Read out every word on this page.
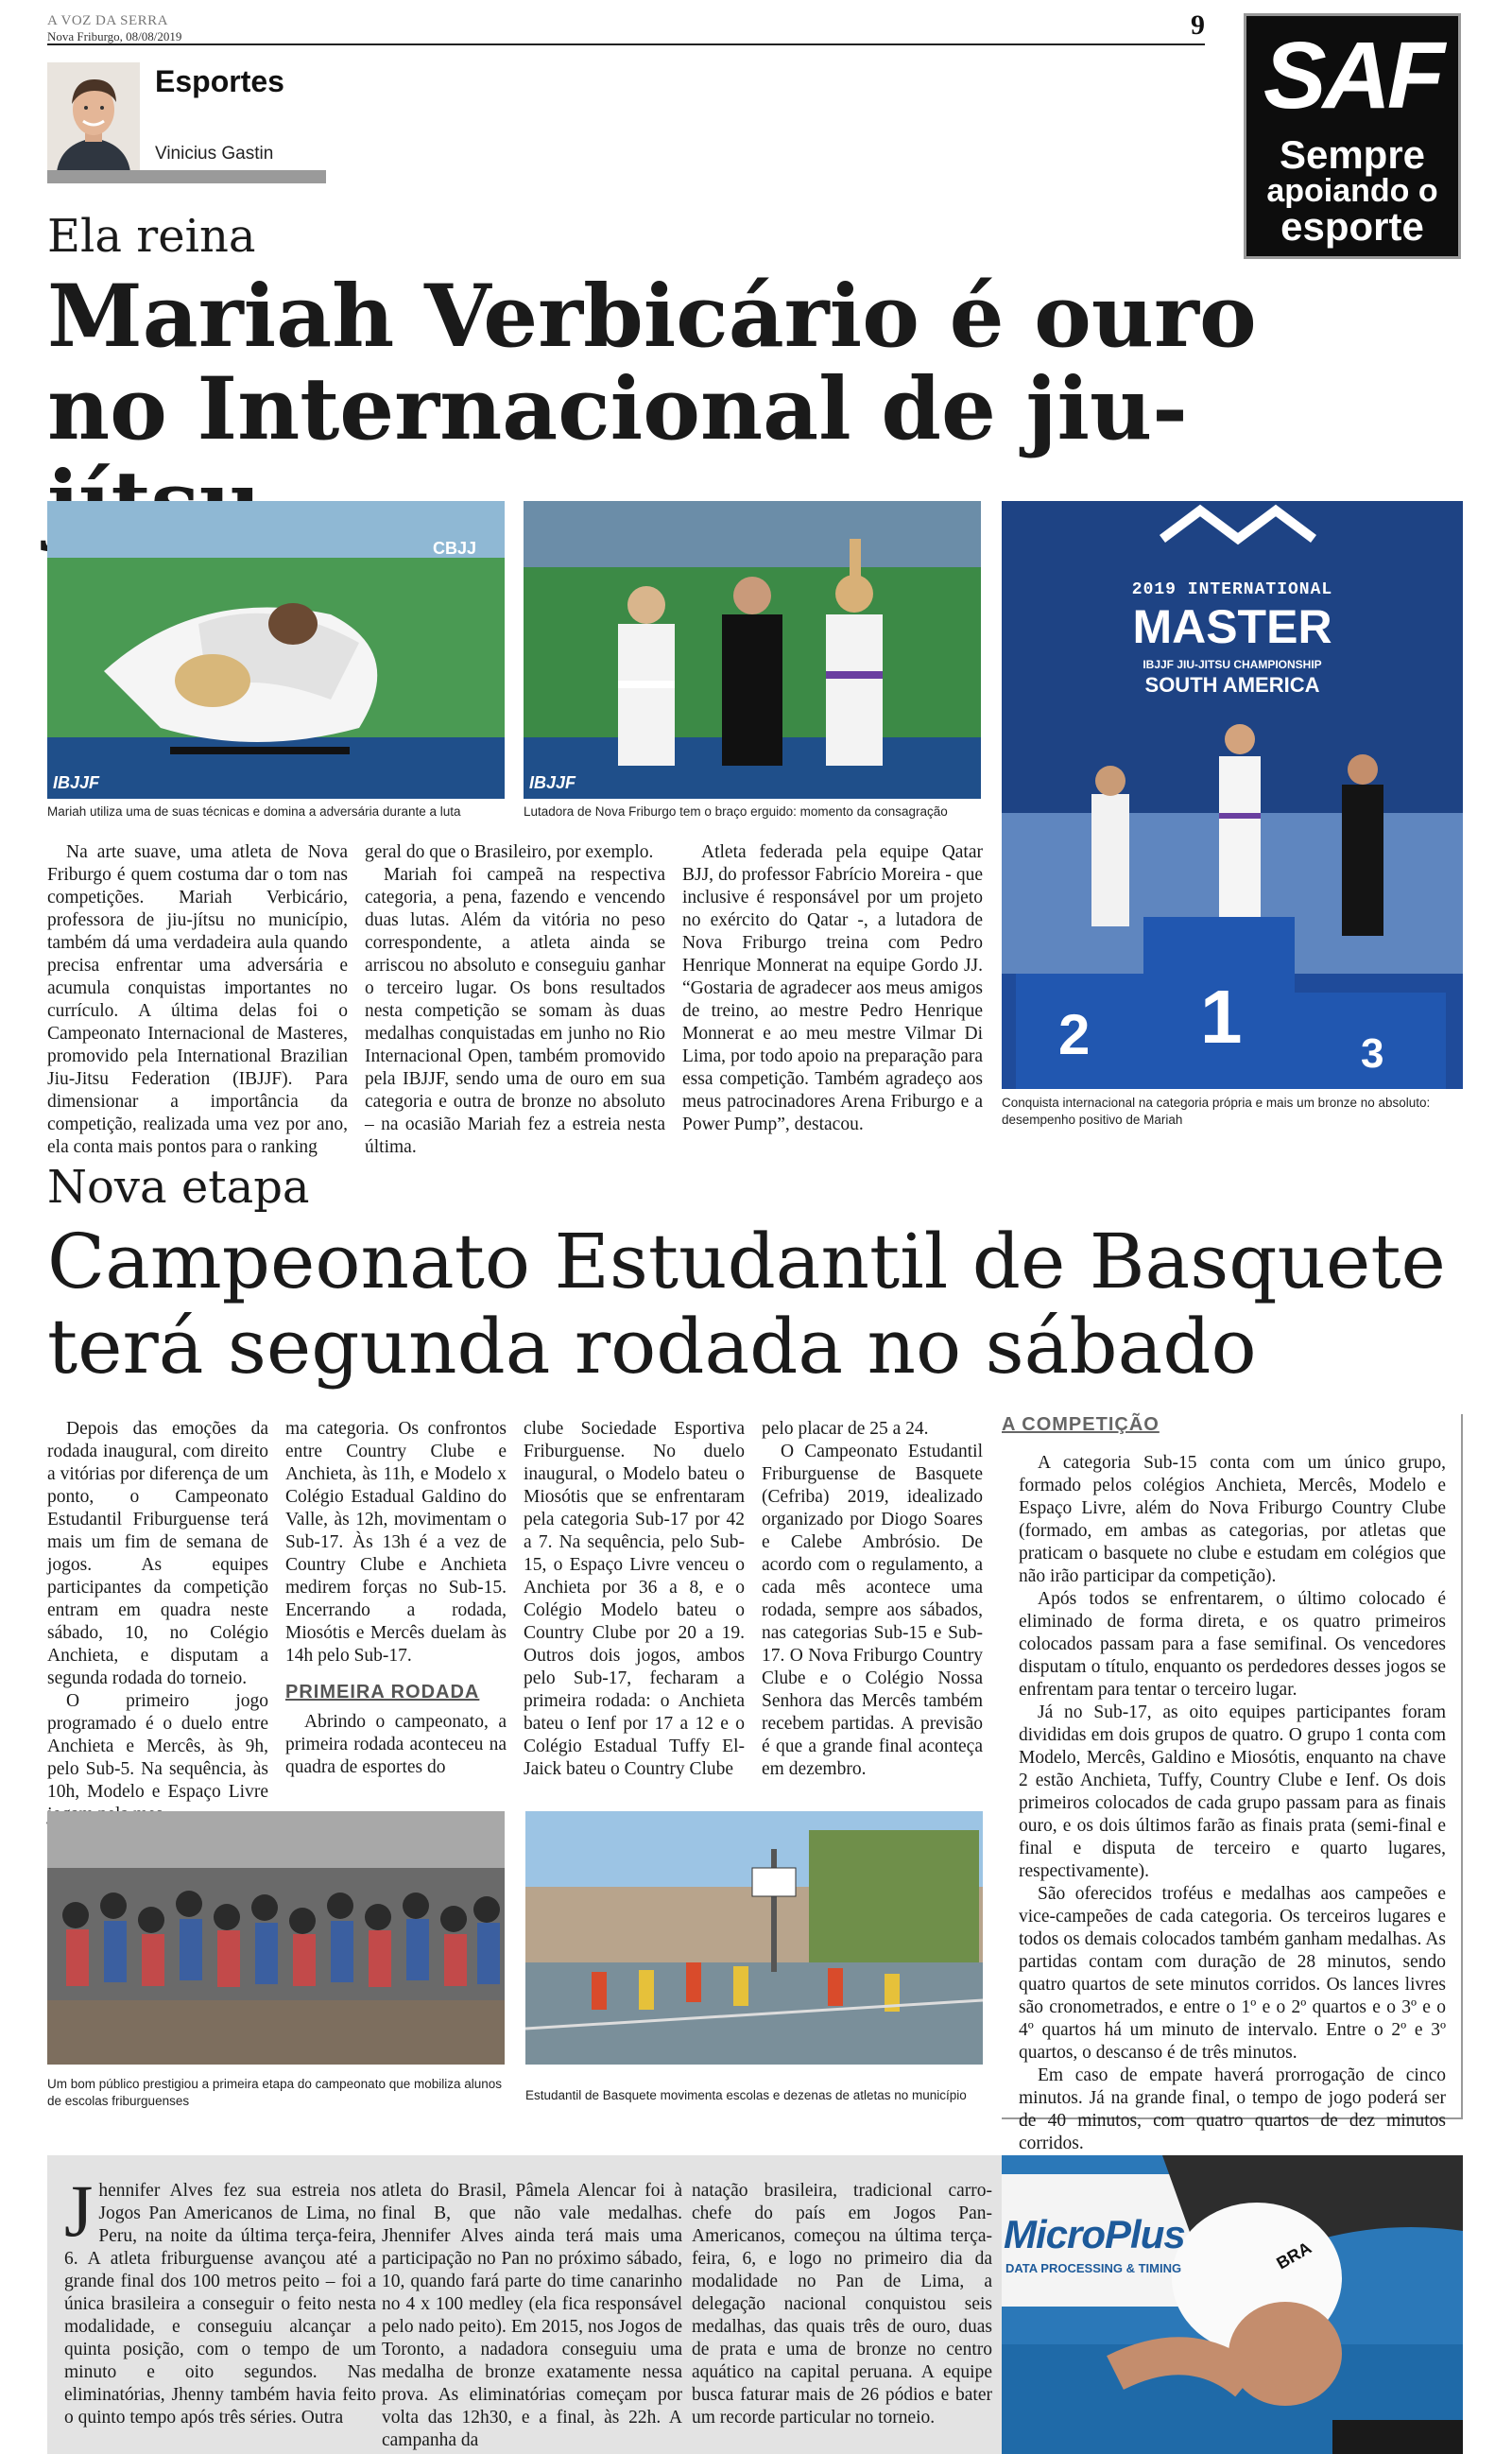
A VOZ DA SERRA
Nova Friburgo, 08/08/2019	9
Esportes
Vinicius Gastin
SAF
Sempre
apoiando o
esporte
Ela reina
Mariah Verbicário é ouro
no Internacional de jiu-
CBJJ
IBJJF
Mariah utiliza uma de suas técnicas e domina a adversária durante a luta
IBJJF
Lutadora de Nova Friburgo tem o braço erguido: momento da consagração
2019 INTERNATIONAL
MASTER
IBJJF JIU-JITSU CHAMPIONSHIP
SOUTH AMERICA
2 1	3
Conquista internacional na categoria própria e mais um bronze no absoluto: desempenho positivo de Mariah

Na arte suave, uma atleta de Nova Friburgo é quem costuma dar o tom nas competições. Mariah Verbicário, professora de jiu-jítsu no município, também dá uma verdadeira aula quando precisa enfrentar uma adversária e acumula conquistas importantes no currículo. A última delas foi o Campeonato Internacional de Masteres, promovido pela International Brazilian Jiu-Jitsu Federation (IBJJF). Para dimensionar a importância da competição, realizada uma vez por ano, ela conta mais pontos para o ranking

geral do que o Brasileiro, por exemplo.

Mariah foi campeã na respectiva categoria, a pena, fazendo e vencendo duas lutas. Além da vitória no peso correspondente, a atleta ainda se arriscou no absoluto e conseguiu ganhar o terceiro lugar. Os bons resultados nesta competição se somam às duas medalhas conquistadas em junho no Rio Internacional Open, também promovido pela IBJJF, sendo uma de ouro em sua categoria e outra de bronze no absoluto – na ocasião Mariah fez a estreia nesta última.

Atleta federada pela equipe Qatar BJJ, do professor Fabrício Moreira - que inclusive é responsável por um projeto no exército do Qatar -, a lutadora de Nova Friburgo treina com Pedro Henrique Monnerat na equipe Gordo JJ. “Gostaria de agradecer aos meus amigos de treino, ao mestre Pedro Henrique Monnerat e ao meu mestre Vilmar Di Lima, por todo apoio na preparação para essa competição. Também agradeço aos meus patrocinadores Arena Friburgo e a Power Pump”, destacou.

Nova etapa
Campeonato Estudantil de Basquete
terá segunda rodada no sábado

Depois das emoções da rodada inaugural, com direito a vitórias por diferença de um ponto, o Campeonato Estudantil Friburguense terá mais um fim de semana de jogos. As equipes participantes da competição entram em quadra neste sábado, 10, no Colégio Anchieta, e disputam a segunda rodada do torneio.

O primeiro jogo programado é o duelo entre Anchieta e Mercês, às 9h, pelo Sub-5. Na sequência, às 10h, Modelo e Espaço Livre

ma categoria. Os confrontos entre Country Clube e Anchieta, às 11h, e Modelo x Colégio Estadual Galdino do Valle, às 12h, movimentam o Sub-17. Às 13h é a vez de Country Clube e Anchieta medirem forças no Sub-15. Encerrando a rodada, Miosótis e Mercês duelam às 14h pelo Sub-17.

PRIMEIRA RODADA

Abrindo o campeonato, a primeira rodada aconteceu na quadra de esportes do

clube Sociedade Esportiva Friburguense. No duelo inaugural, o Modelo bateu o Miosótis que se enfrentaram pela categoria Sub-17 por 42 a 7. Na sequência, pelo Sub-15, o Espaço Livre venceu o Anchieta por 36 a 8, e o Colégio Modelo bateu o Country Clube por 20 a 19. Outros dois jogos, ambos pelo Sub-17, fecharam a primeira rodada: o Anchieta bateu o Ienf por 17 a 12 e o Colégio Estadual Tuffy El-Jaick bateu o Country Clube

pelo placar de 25 a 24.

O Campeonato Estudantil Friburguense de Basquete (Cefriba) 2019, idealizado organizado por Diogo Soares e Calebe Ambrósio. De acordo com o regulamento, a cada mês acontece uma rodada, sempre aos sábados, nas categorias Sub-15 e Sub-17. O Nova Friburgo Country Clube e o Colégio Nossa Senhora das Mercês também recebem partidas. A previsão é que a grande final aconteça em dezembro.

A COMPETIÇÃO

A categoria Sub-15 conta com um único grupo, formado pelos colégios Anchieta, Mercês, Modelo e Espaço Livre, além do Nova Friburgo Country Clube (formado, em ambas as categorias, por atletas que praticam o basquete no clube e estudam em colégios que não irão participar da competição).

Após todos se enfrentarem, o último colocado é eliminado de forma direta, e os quatro primeiros colocados passam para a fase semifinal. Os vencedores disputam o título, enquanto os perdedores desses jogos se enfrentam para tentar o terceiro lugar.

Já no Sub-17, as oito equipes participantes foram divididas em dois grupos de quatro. O grupo 1 conta com Modelo, Mercês, Galdino e Miosótis, enquanto na chave 2 estão Anchieta, Tuffy, Country Clube e Ienf. Os dois primeiros colocados de cada grupo passam para as finais ouro, e os dois últimos farão as finais prata (semi-final e final e disputa de terceiro e quarto lugares, respectivamente).

São oferecidos troféus e medalhas aos campeões e vice-campeões de cada categoria. Os terceiros lugares e todos os demais colocados também ganham medalhas. As partidas contam com duração de 28 minutos, sendo quatro quartos de sete minutos corridos. Os lances livres são cronometrados, e entre o 1º e o 2º quartos e o 3º e o 4º quartos há um minuto de intervalo. Entre o 2º e 3º quartos, o descanso é de três minutos.

Em caso de empate haverá prorrogação de cinco minutos. Já na grande final, o tempo de jogo poderá ser de 40 minutos, com quatro quartos de dez minutos corridos.

Um bom público prestigiou a primeira etapa do campeonato que mobiliza alunos de escolas friburguenses	Estudantil de Basquete movimenta escolas e dezenas de atletas no município
J hennifer Alves fez sua estreia nos Jogos Pan Americanos de Lima, no Peru, na noite da última terça-feira, 6. A atleta friburguense avançou até a grande final dos 100 metros peito – foi a única brasileira a conseguir o feito nesta modalidade, e conseguiu alcançar a quinta posição, com o tempo de um minuto e oito segundos. Nas eliminatórias, Jhenny também havia feito o quinto tempo após três séries. Outra
atleta do Brasil, Pâmela Alencar foi à final B, que não vale medalhas. Jhennifer Alves ainda terá mais uma participação no Pan no próximo sábado, 10, quando fará parte do time canarinho no 4 x 100 medley (ela fica responsável pelo nado peito). Em 2015, nos Jogos de Toronto, a nadadora conseguiu uma medalha de bronze exatamente nessa prova. As eliminatórias começam por volta das 12h30, e a final, às 22h. A campanha da
natação brasileira, tradicional carro-chefe do país em Jogos Pan-Americanos, começou na última terça-feira, 6, e logo no primeiro dia da modalidade no Pan de Lima, a delegação nacional conquistou seis medalhas, das quais três de ouro, duas de prata e uma de bronze no centro aquático na capital peruana. A equipe busca faturar mais de 26 pódios e bater um recorde particular no torneio.
MicroPlus
DATA PROCESSING & TIMING	BRA
